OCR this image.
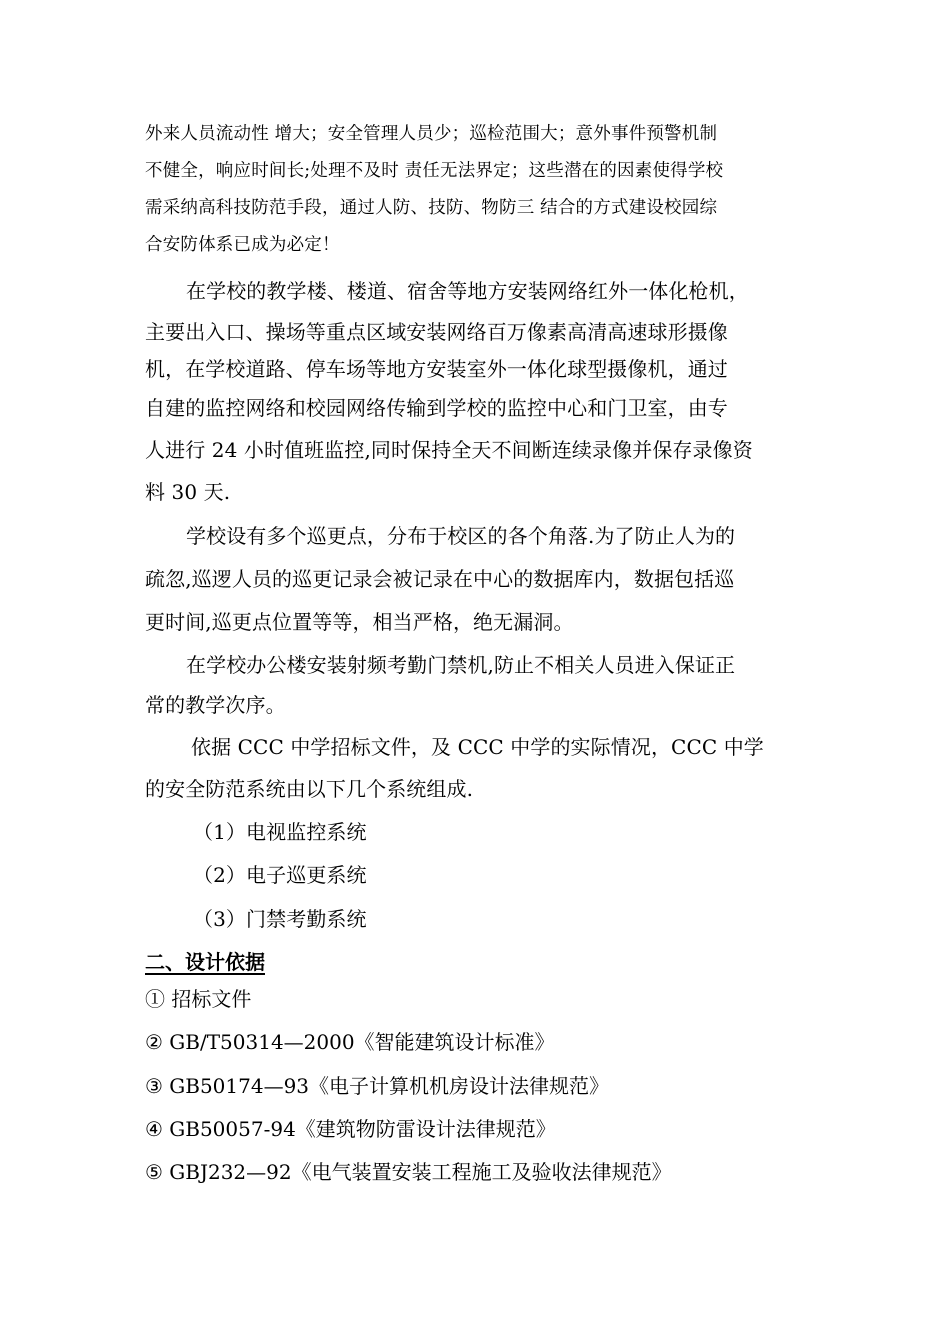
外来人员流动性 增大；安全管理人员少；巡检范围大；意外事件预警机制
不健全，响应时间长;处理不及时 责任无法界定；这些潜在的因素使得学校
需采纳高科技防范手段，通过人防、技防、物防三 结合的方式建设校园综
合安防体系已成为必定！
在学校的教学楼、楼道、宿舍等地方安装网络红外一体化枪机，
主要出入口、操场等重点区域安装网络百万像素高清高速球形摄像
机，在学校道路、停车场等地方安装室外一体化球型摄像机，通过
自建的监控网络和校园网络传输到学校的监控中心和门卫室，由专
人进行 24 小时值班监控,同时保持全天不间断连续录像并保存录像资
料 30 天.
学校设有多个巡更点，分布于校区的各个角落.为了防止人为的
疏忽,巡逻人员的巡更记录会被记录在中心的数据库内，数据包括巡
更时间,巡更点位置等等，相当严格，绝无漏洞。
在学校办公楼安装射频考勤门禁机,防止不相关人员进入保证正
常的教学次序。
依据 CCC 中学招标文件，及 CCC 中学的实际情况，CCC 中学
的安全防范系统由以下几个系统组成.
（1）电视监控系统
（2）电子巡更系统
（3）门禁考勤系统
二、设计依据
① 招标文件
② GB/T50314—2000《智能建筑设计标准》
③ GB50174—93《电子计算机机房设计法律规范》
④ GB50057-94《建筑物防雷设计法律规范》
⑤ GBJ232—92《电气装置安装工程施工及验收法律规范》
